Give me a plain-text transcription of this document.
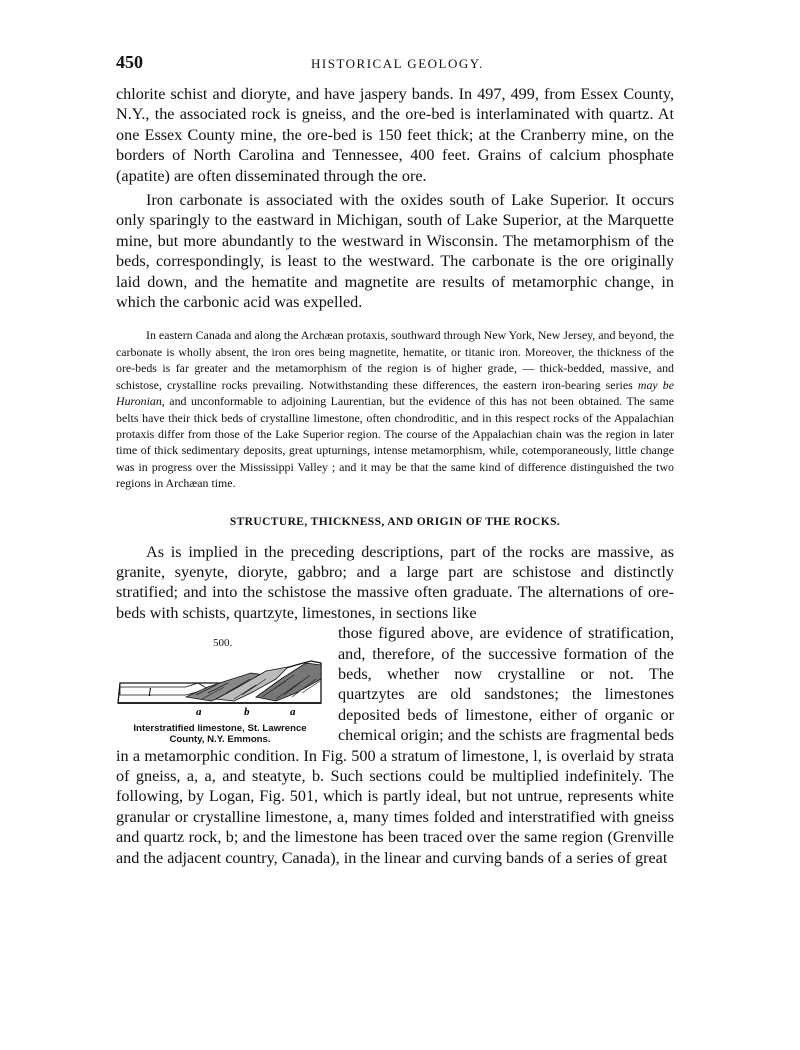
450	HISTORICAL GEOLOGY.

chlorite schist and dioryte, and have jaspery bands. In 497, 499, from Essex County, N.Y., the associated rock is gneiss, and the ore-bed is interlaminated with quartz. At one Essex County mine, the ore-bed is 150 feet thick; at the Cranberry mine, on the borders of North Carolina and Tennessee, 400 feet. Grains of calcium phosphate (apatite) are often disseminated through the ore.

Iron carbonate is associated with the oxides south of Lake Superior. It occurs only sparingly to the eastward in Michigan, south of Lake Superior, at the Marquette mine, but more abundantly to the westward in Wisconsin. The metamorphism of the beds, correspondingly, is least to the westward. The carbonate is the ore originally laid down, and the hematite and magnetite are results of metamorphic change, in which the carbonic acid was expelled.

In eastern Canada and along the Archæan protaxis, southward through New York, New Jersey, and beyond, the carbonate is wholly absent, the iron ores being magnetite, hematite, or titanic iron. Moreover, the thickness of the ore-beds is far greater and the metamorphism of the region is of higher grade, — thick-bedded, massive, and schistose, crystalline rocks prevailing. Notwithstanding these differences, the eastern iron-bearing series may be Huronian, and unconformable to adjoining Laurentian, but the evidence of this has not been obtained. The same belts have their thick beds of crystalline limestone, often chondroditic, and in this respect rocks of the Appalachian protaxis differ from those of the Lake Superior region. The course of the Appalachian chain was the region in later time of thick sedimentary deposits, great upturnings, intense metamorphism, while, cotemporaneously, little change was in progress over the Mississippi Valley ; and it may be that the same kind of difference distinguished the two regions in Archæan time.

STRUCTURE, THICKNESS, AND ORIGIN OF THE ROCKS.

As is implied in the preceding descriptions, part of the rocks are massive, as granite, syenyte, dioryte, gabbro; and a large part are schistose and distinctly stratified; and into the schistose the massive often graduate. The alternations of ore-beds with schists, quartzyte, limestones, in sections like

500.
l
a	b	a
Interstratified limestone, St. Lawrence County, N.Y. Emmons.

those figured above, are evidence of stratification, and, therefore, of the successive formation of the beds, whether now crystalline or not. The quartzytes are old sandstones; the limestones deposited beds of limestone, either of organic or chemical origin; and the schists are fragmental beds in a metamorphic condition. In Fig. 500 a stratum of limestone, l, is overlaid by strata of gneiss, a, a, and steatyte, b. Such sections could be multiplied indefinitely. The following, by Logan, Fig. 501, which is partly ideal, but not untrue, represents white granular or crystalline limestone, a, many times folded and interstratified with gneiss and quartz rock, b; and the limestone has been traced over the same region (Grenville and the adjacent country, Canada), in the linear and curving bands of a series of great
